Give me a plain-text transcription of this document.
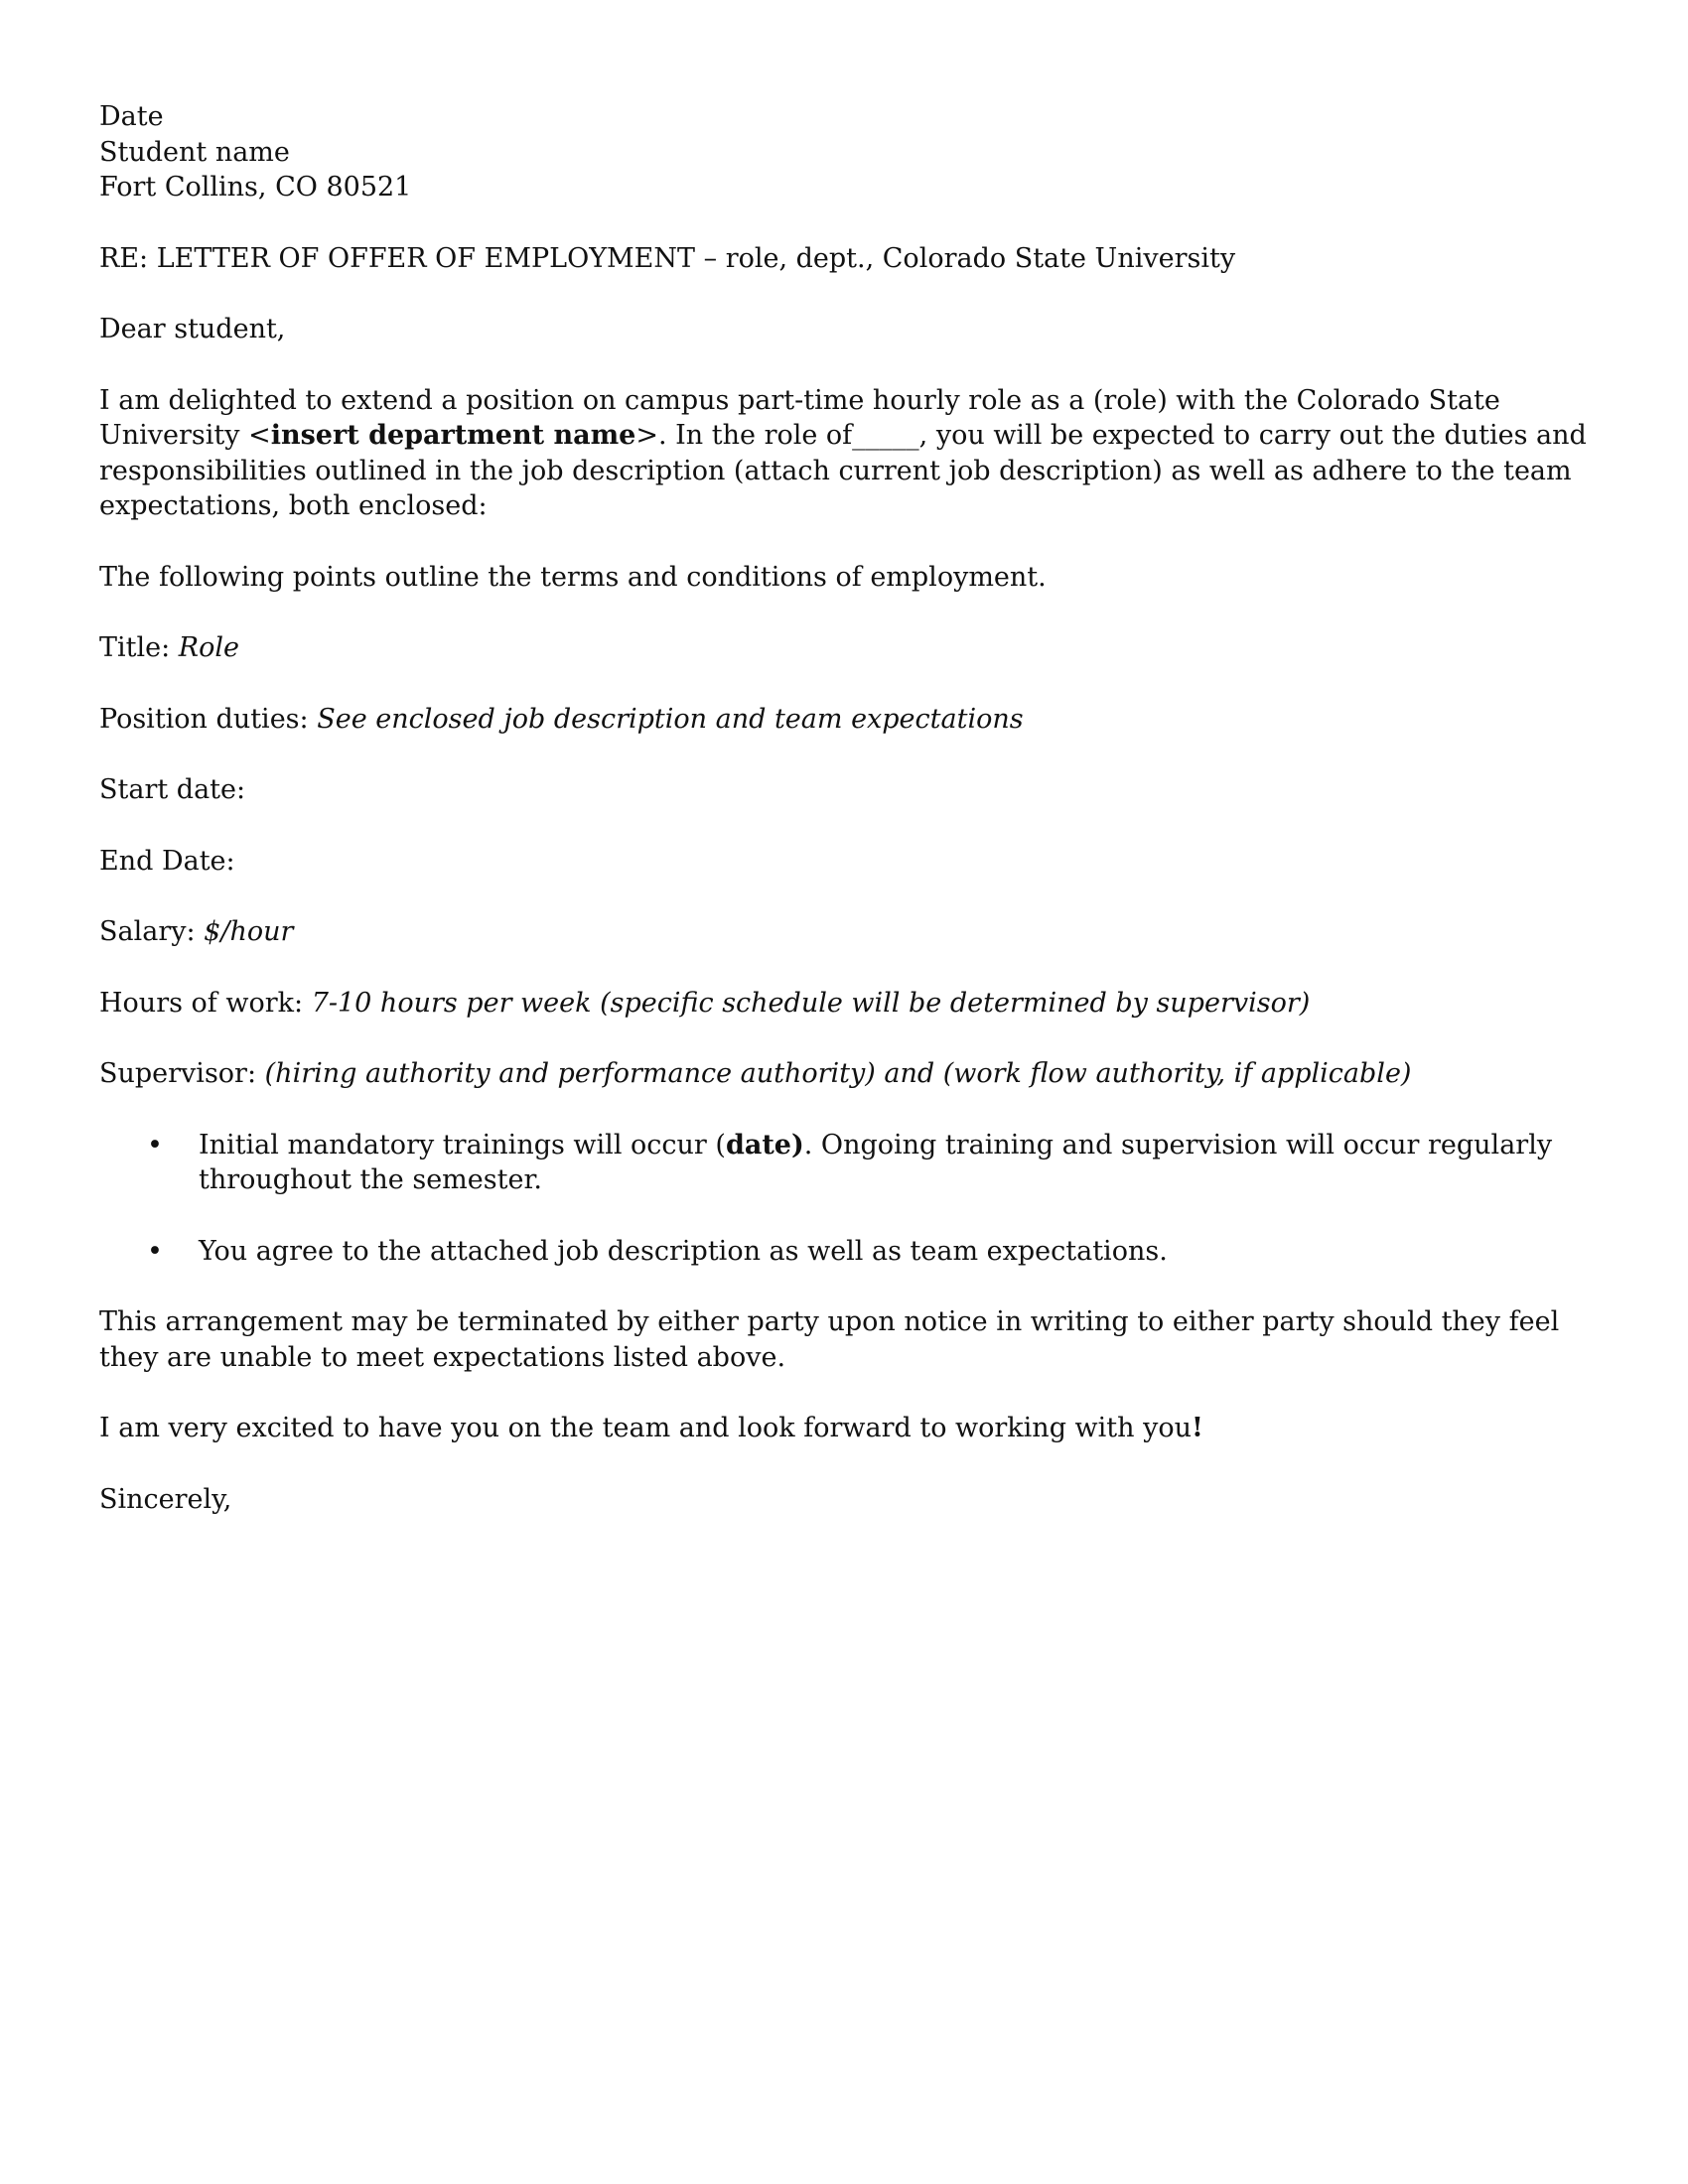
Date
Student name
Fort Collins, CO 80521

RE: LETTER OF OFFER OF EMPLOYMENT – role, dept., Colorado State University

Dear student,

I am delighted to extend a position on campus part-time hourly role as a (role) with the Colorado State University <insert department name>. In the role of_____, you will be expected to carry out the duties and responsibilities outlined in the job description (attach current job description) as well as adhere to the team expectations, both enclosed:

The following points outline the terms and conditions of employment.

Title: Role

Position duties: See enclosed job description and team expectations

Start date:

End Date:

Salary: $/hour

Hours of work: 7-10 hours per week (specific schedule will be determined by supervisor)

Supervisor: (hiring authority and performance authority) and (work flow authority, if applicable)

• Initial mandatory trainings will occur (date). Ongoing training and supervision will occur regularly throughout the semester.
• You agree to the attached job description as well as team expectations.

This arrangement may be terminated by either party upon notice in writing to either party should they feel they are unable to meet expectations listed above.

I am very excited to have you on the team and look forward to working with you!

Sincerely,
